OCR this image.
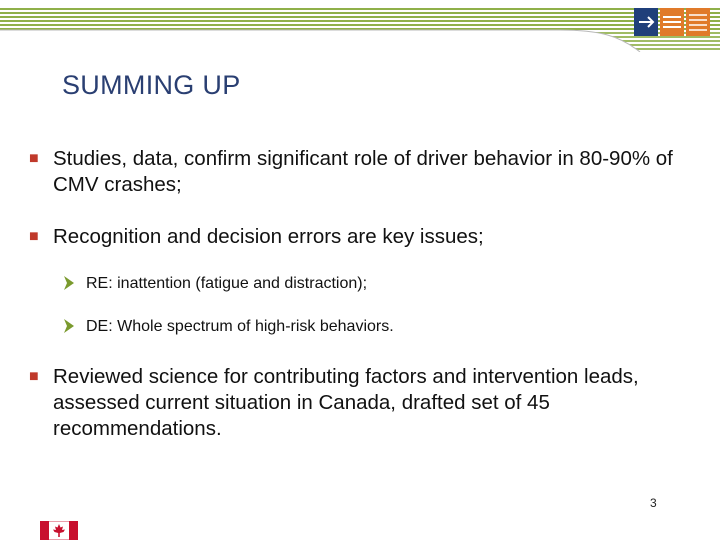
SUMMING UP
■ Studies, data, confirm significant role of driver behavior in 80-90% of CMV crashes;
■ Recognition and decision errors are key issues;
RE: inattention (fatigue and distraction);
DE: Whole spectrum of high-risk behaviors.
■ Reviewed science for contributing factors and intervention leads, assessed current situation in Canada, drafted set of 45 recommendations.
3
